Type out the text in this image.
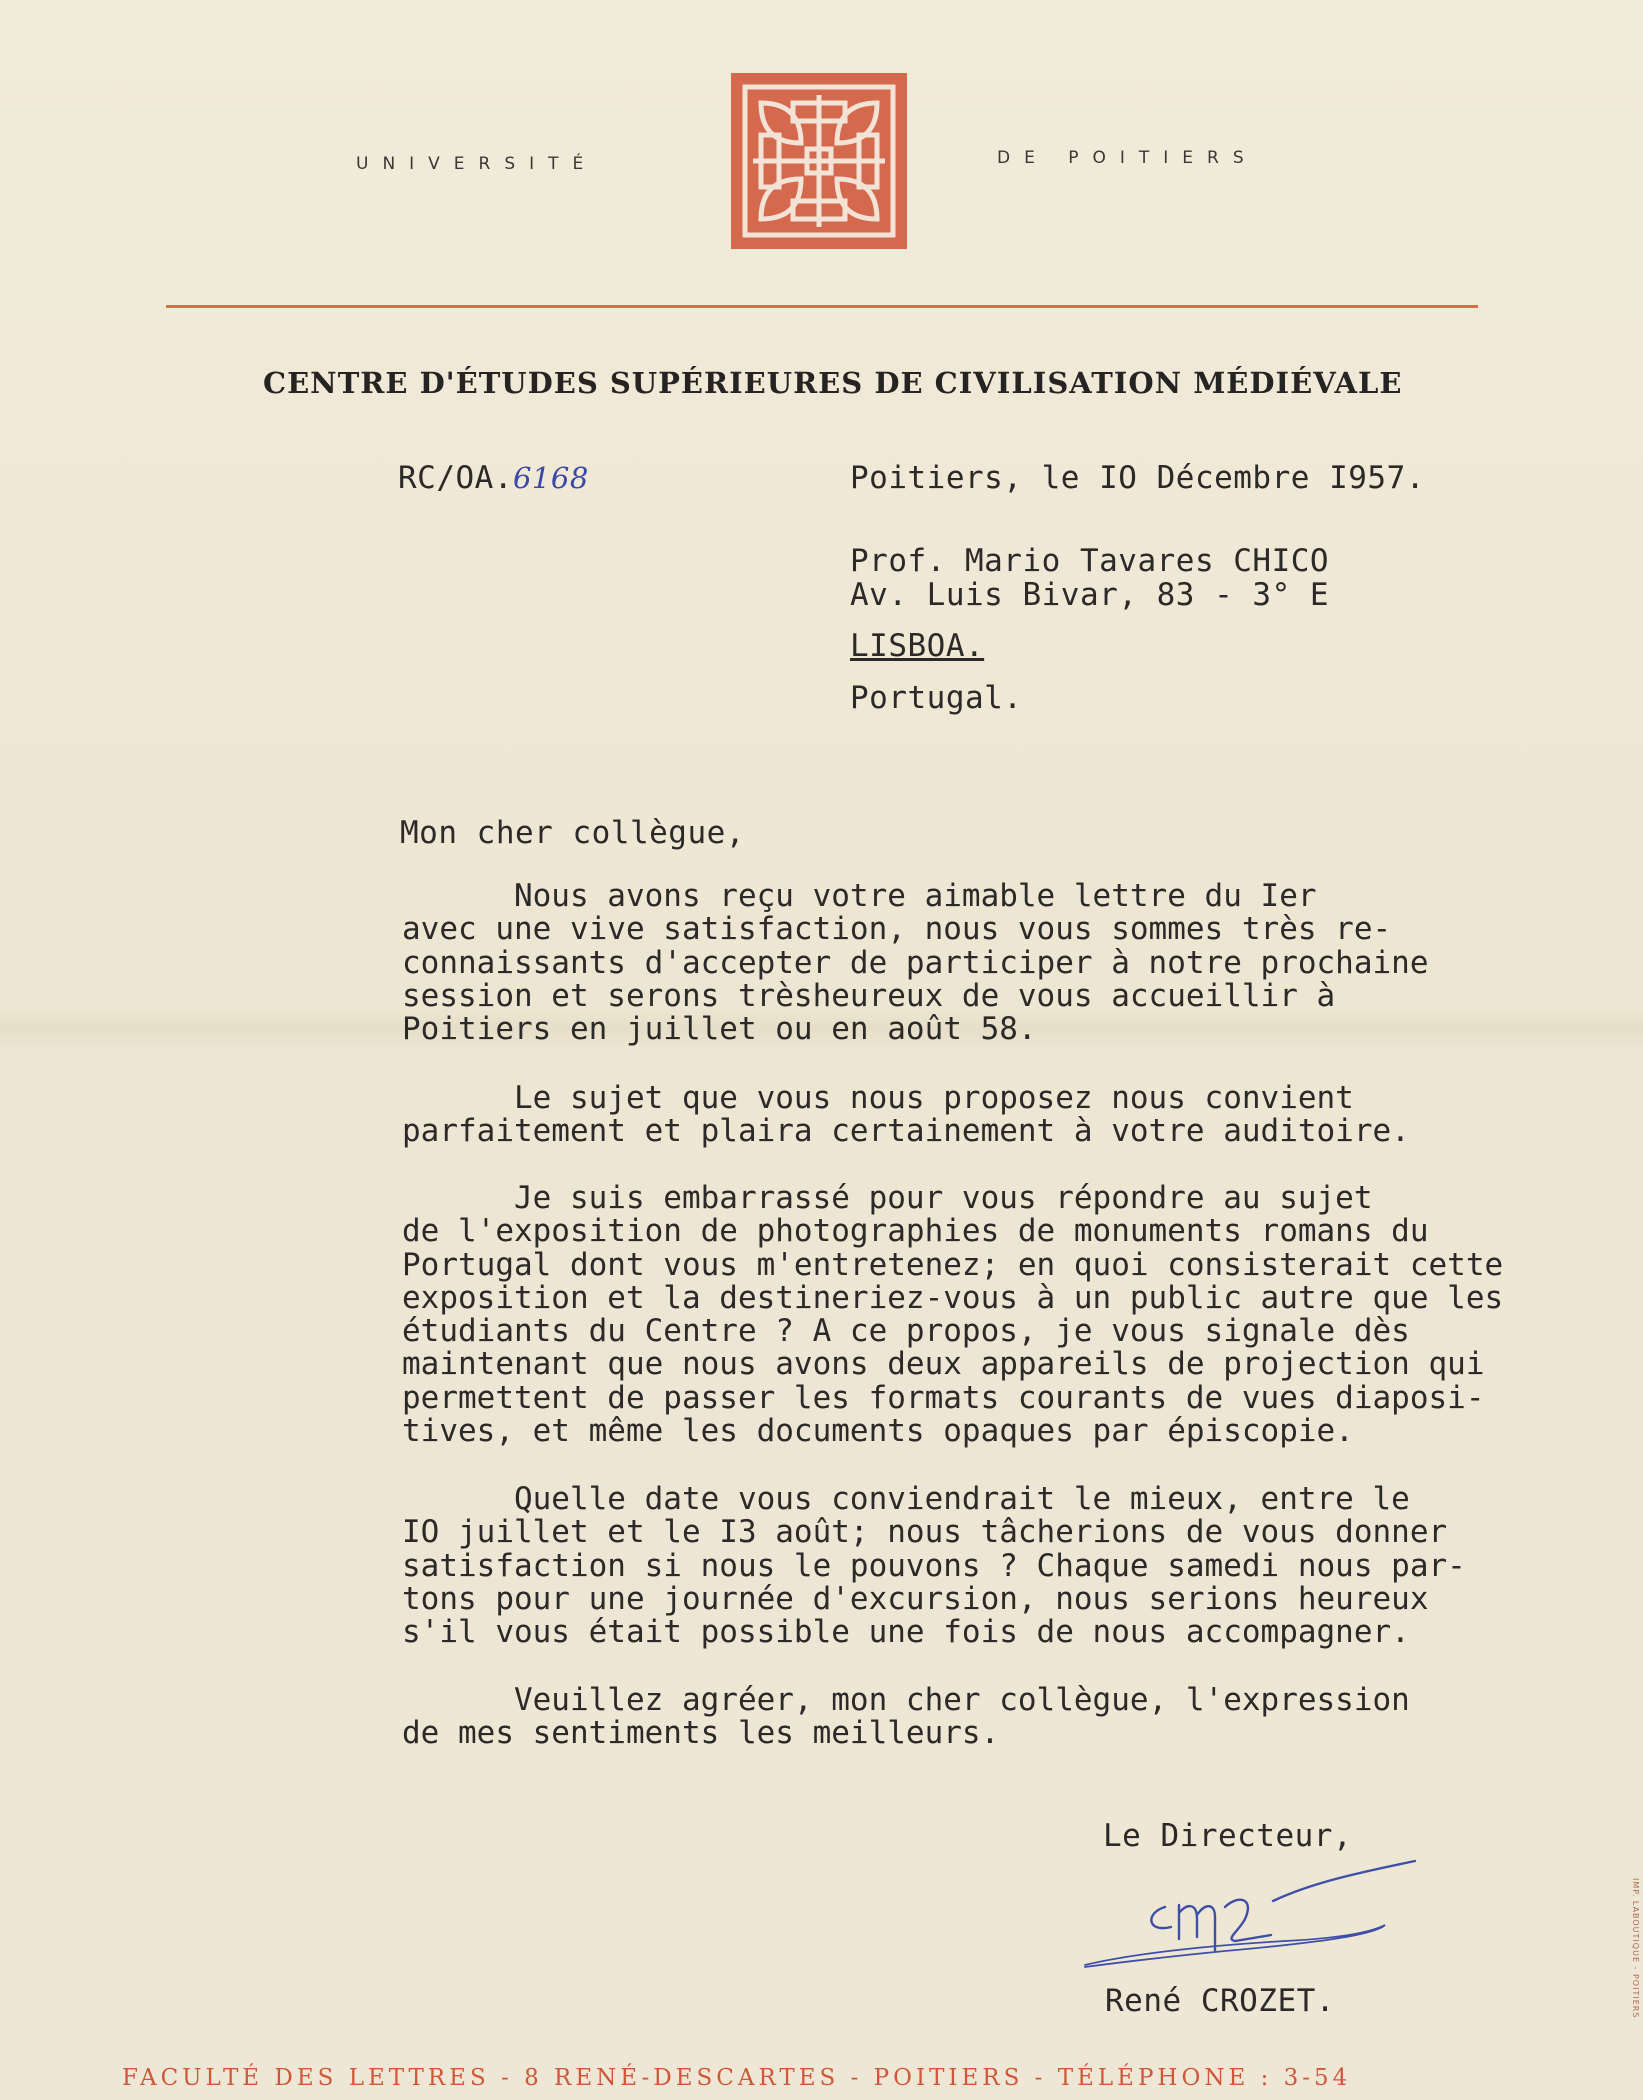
UNIVERSITÉ	DE POITIERS
CENTRE D'ÉTUDES SUPÉRIEURES DE CIVILISATION MÉDIÉVALE
RC/OA.6168	Poitiers, le IO Décembre I957.
Prof. Mario Tavares CHICO
Av. Luis Bivar, 83 - 3° E
LISBOA.
Portugal.
Mon cher collègue,
Nous avons reçu votre aimable lettre du Ier
avec une vive satisfaction, nous vous sommes très re-
connaissants d'accepter de participer à notre prochaine
session et serons trèsheureux de vous accueillir à
Poitiers en juillet ou en août 58.
Le sujet que vous nous proposez nous convient
parfaitement et plaira certainement à votre auditoire.
Je suis embarrassé pour vous répondre au sujet
de l'exposition de photographies de monuments romans du
Portugal dont vous m'entretenez; en quoi consisterait cette
exposition et la destineriez-vous à un public autre que les
étudiants du Centre ? A ce propos, je vous signale dès
maintenant que nous avons deux appareils de projection qui
permettent de passer les formats courants de vues diaposi-
tives, et même les documents opaques par épiscopie.
Quelle date vous conviendrait le mieux, entre le
IO juillet et le I3 août; nous tâcherions de vous donner
satisfaction si nous le pouvons ? Chaque samedi nous par-
tons pour une journée d'excursion, nous serions heureux
s'il vous était possible une fois de nous accompagner.
Veuillez agréer, mon cher collègue, l'expression
de mes sentiments les meilleurs.
Le Directeur,
René CROZET.
FACULTÉ DES LETTRES - 8 RENÉ-DESCARTES - POITIERS - TÉLÉPHONE : 3-54
IMP. LABOUTIQUE - POITIERS
